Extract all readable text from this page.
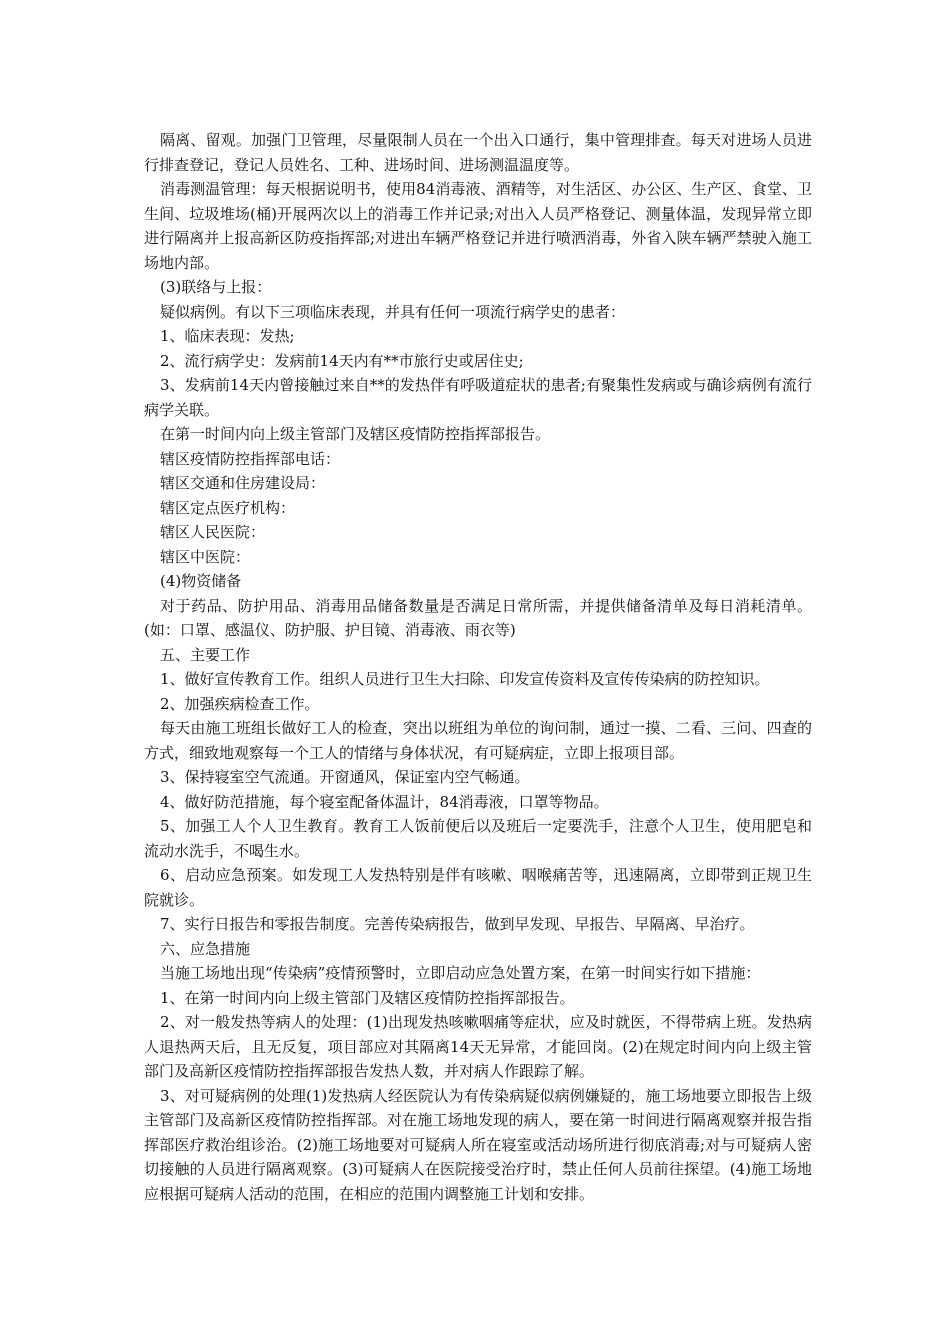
隔离、留观。加强门卫管理，尽量限制人员在一个出入口通行，集中管理排查。每天对进场人员进行排查登记，登记人员姓名、工种、进场时间、进场测温温度等。

消毒测温管理：每天根据说明书，使用84消毒液、酒精等，对生活区、办公区、生产区、食堂、卫生间、垃圾堆场(桶)开展两次以上的消毒工作并记录;对出入人员严格登记、测量体温，发现异常立即进行隔离并上报高新区防疫指挥部;对进出车辆严格登记并进行喷洒消毒，外省入陕车辆严禁驶入施工场地内部。

(3)联络与上报：

疑似病例。有以下三项临床表现，并具有任何一项流行病学史的患者：

1、临床表现：发热;

2、流行病学史：发病前14天内有**市旅行史或居住史;

3、发病前14天内曾接触过来自**的发热伴有呼吸道症状的患者;有聚集性发病或与确诊病例有流行病学关联。

在第一时间内向上级主管部门及辖区疫情防控指挥部报告。

辖区疫情防控指挥部电话：

辖区交通和住房建设局：

辖区定点医疗机构：

辖区人民医院：

辖区中医院：

(4)物资储备

对于药品、防护用品、消毒用品储备数量是否满足日常所需，并提供储备清单及每日消耗清单。(如：口罩、感温仪、防护服、护目镜、消毒液、雨衣等)

五、主要工作

1、做好宣传教育工作。组织人员进行卫生大扫除、印发宣传资料及宣传传染病的防控知识。

2、加强疾病检查工作。

每天由施工班组长做好工人的检查，突出以班组为单位的询问制，通过一摸、二看、三问、四查的方式，细致地观察每一个工人的情绪与身体状况，有可疑病症，立即上报项目部。

3、保持寝室空气流通。开窗通风，保证室内空气畅通。

4、做好防范措施，每个寝室配备体温计，84消毒液，口罩等物品。

5、加强工人个人卫生教育。教育工人饭前便后以及班后一定要洗手，注意个人卫生，使用肥皂和流动水洗手，不喝生水。

6、启动应急预案。如发现工人发热特别是伴有咳嗽、咽喉痛苦等，迅速隔离，立即带到正规卫生院就诊。

7、实行日报告和零报告制度。完善传染病报告，做到早发现、早报告、早隔离、早治疗。

六、应急措施

当施工场地出现“传染病”疫情预警时，立即启动应急处置方案，在第一时间实行如下措施：

1、在第一时间内向上级主管部门及辖区疫情防控指挥部报告。

2、对一般发热等病人的处理：(1)出现发热咳嗽咽痛等症状，应及时就医，不得带病上班。发热病人退热两天后，且无反复，项目部应对其隔离14天无异常，才能回岗。(2)在规定时间内向上级主管部门及高新区疫情防控指挥部报告发热人数，并对病人作跟踪了解。

3、对可疑病例的处理(1)发热病人经医院认为有传染病疑似病例嫌疑的，施工场地要立即报告上级主管部门及高新区疫情防控指挥部。对在施工场地发现的病人，要在第一时间进行隔离观察并报告指挥部医疗救治组诊治。(2)施工场地要对可疑病人所在寝室或活动场所进行彻底消毒;对与可疑病人密切接触的人员进行隔离观察。(3)可疑病人在医院接受治疗时，禁止任何人员前往探望。(4)施工场地应根据可疑病人活动的范围，在相应的范围内调整施工计划和安排。
